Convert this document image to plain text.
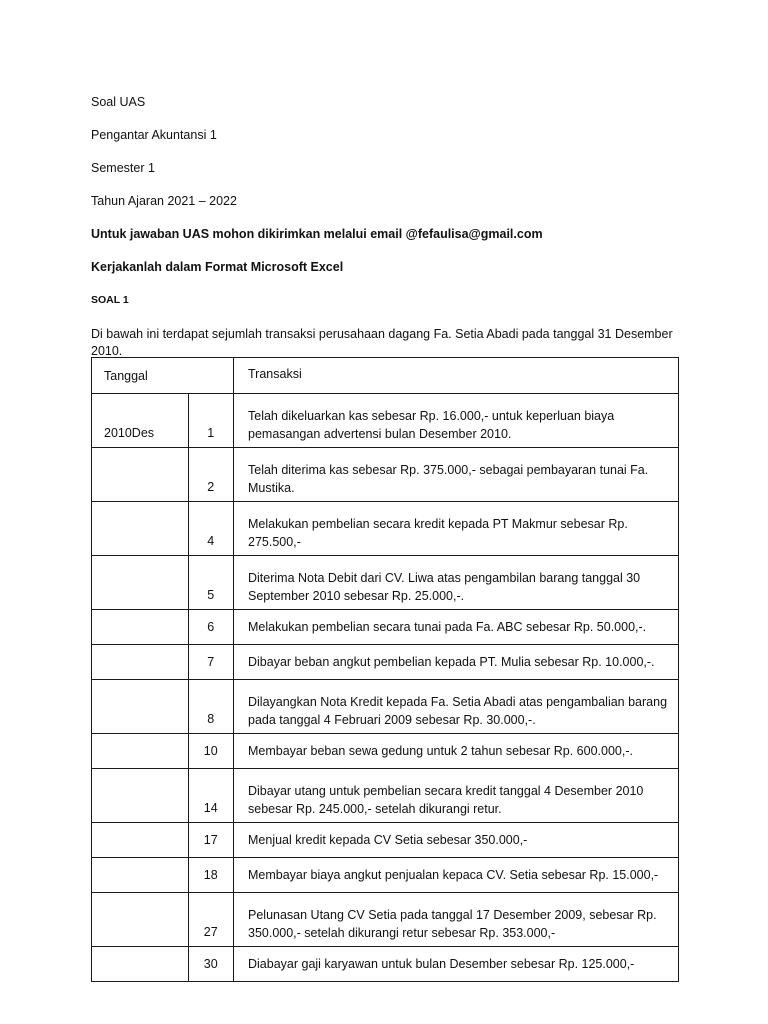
Soal UAS
Pengantar Akuntansi 1
Semester 1
Tahun Ajaran 2021 – 2022
Untuk jawaban UAS mohon dikirimkan melalui email @fefaulisa@gmail.com
Kerjakanlah dalam Format Microsoft Excel
SOAL 1
Di bawah ini terdapat sejumlah transaksi perusahaan dagang Fa. Setia Abadi pada tanggal 31 Desember 2010.
Tanggal		Transaksi
2010Des	1	Telah dikeluarkan kas sebesar Rp. 16.000,- untuk keperluan biaya pemasangan advertensi bulan Desember 2010.
	2	Telah diterima kas sebesar Rp. 375.000,- sebagai pembayaran tunai Fa. Mustika.
	4	Melakukan pembelian secara kredit kepada PT Makmur sebesar Rp. 275.500,-
	5	Diterima Nota Debit dari CV. Liwa atas pengambilan barang tanggal 30 September 2010 sebesar Rp. 25.000,-.
	6	Melakukan pembelian secara tunai pada Fa. ABC sebesar Rp. 50.000,-.
	7	Dibayar beban angkut pembelian kepada PT. Mulia sebesar Rp. 10.000,-.
	8	Dilayangkan Nota Kredit kepada Fa. Setia Abadi atas pengambalian barang pada tanggal 4 Februari 2009 sebesar Rp. 30.000,-.
	10	Membayar beban sewa gedung untuk 2 tahun sebesar Rp. 600.000,-.
	14	Dibayar utang untuk pembelian secara kredit tanggal 4 Desember 2010 sebesar Rp. 245.000,- setelah dikurangi retur.
	17	Menjual kredit kepada CV Setia sebesar 350.000,-
	18	Membayar biaya angkut penjualan kepaca CV. Setia sebesar Rp. 15.000,-
	27	Pelunasan Utang CV Setia pada tanggal 17 Desember 2009, sebesar Rp. 350.000,- setelah dikurangi retur sebesar Rp. 353.000,-
	30	Diabayar gaji karyawan untuk bulan Desember sebesar Rp. 125.000,-
